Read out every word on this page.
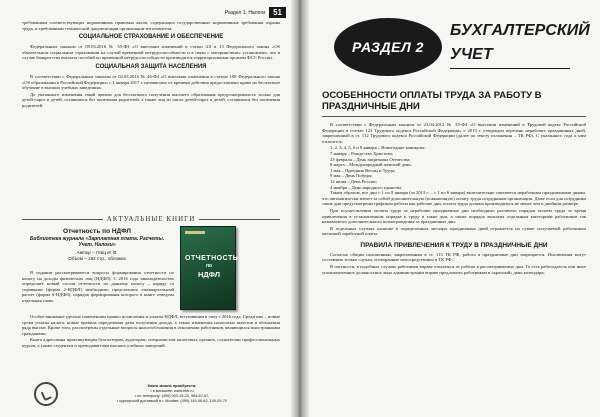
Раздел 1. Налоги	51

требованиям соответствующих нормативных правовых актов, содержащих государственные нормативные требования охраны труда, и требованиям технической документации организации-изготовителя.

СОЦИАЛЬНОЕ СТРАХОВАНИЕ И ОБЕСПЕЧЕНИЕ

Федеральным законом от 09.03.2016 № 55-ФЗ «О внесении изменений в статьи 4.8 и 13 Федерального закона «Об обязательном социальном страховании на случай временной нетрудоспособности и в связи с материнством» установлено, что в случае банкротства выплата пособий по временной нетрудоспособности производится территориальным органом ФСС России.

СОЦИАЛЬНАЯ ЗАЩИТА НАСЕЛЕНИЯ

В соответствии с Федеральным законом от 02.03.2016 № 46-ФЗ «О внесении изменения в статью 108 Федерального закона «Об образовании в Российской Федерации» с 1 января 2017 г. независимо от времени действия предоставлено право на бесплатное обучение в высших учебных заведениях.

До указанного изменения такой правом для бесплатного получения высшего образования предусматривалось только для детей-сирот и детей, оставшихся без попечения родителей, а также лиц из числа детей-сирот и детей, оставшихся без попечения родителей.

АКТУАЛЬНЫЕ КНИГИ
Отчетность по НДФЛ
Библиотека журнала «Зарплатная плата. Расчеты. Учет. Налоги»
Автор – Гейц И. В.
Объем – 192 стр., обложка	ОТЧЕТНОСТЬ
по
НДФЛ

В издании рассматриваются вопросы формирования отчетности по налогу на доходы физических лиц (НДФЛ). С 2016 года законодательство определяет новый состав отчетности по данному налогу – наряду со справками (форма 2-НДФЛ) необходимо представлять ежеквартальный расчет (форма 6-НДФЛ), порядок формирования которого в книге отведена отдельная глава.

Особое внимание уделено изменениям правил исчисления и уплаты НДФЛ, вступившим в силу с 2016 года. Среди них – новые сроки уплаты налога, новые правила определения даты получения дохода, а также изменения налоговых вычетов и обложения ряда выплат. Кроме того, рассмотрены отдельные вопросы налогообложения в отношении работников, являющихся иностранными гражданами.

Книга адресована практикующим бухгалтерам, аудиторам, специалистам налоговых органов, слушателям профессиональных курсов, а также студентам и преподавателям высших учебных заведений.

Книги можно приобрести:
• в магазине: www.ekb.ru
• по телефону: (495) 903-15-20, 964-67-67,
• курьерской доставкой в г. Москве: (499) 149-06-62, 149-09-70
РАЗДЕЛ 2
БУХГАЛТЕРСКИЙ
УЧЕТ
ОСОБЕННОСТИ ОПЛАТЫ ТРУДА ЗА РАБОТУ В ПРАЗДНИЧНЫЕ ДНИ

В соответствии с Федеральным законом от 23.04.2012 № 35-ФЗ «О внесении изменений в Трудовой кодекс Российской Федерации и статью 122 Трудового кодекса Российской Федерации» с 2013 г. утвержден перечень нерабочих праздничных дней, закрепленный в ст. 112 Трудового кодекса Российской Федерации (далее по тексту изложения – ТК РФ). С указанного года к ним относятся:

1, 2, 3, 4, 5, 6 и 8 января – Новогодние каникулы;
7 января – Рождество Христово;
23 февраля – День защитника Отечества;
8 марта – Международный женский день;
1 мая – Праздник Весны и Труда;
9 мая – День Победы;
12 июня – День России;
4 ноября – День народного единства.

Таким образом, все дни с 1 по 8 января (за 2013 г. – с 1 по 6 января) включительно считаются нерабочими праздничными днями, что автоматически влечет за собой дополнительную (повышенную) оплату труда сотрудников организации. Даже если для сотрудника такие дни предусмотрены графиком работы как рабочие дни, оплата труда должна производиться не менее чем в двойном размере.

При осуществлении оплаты труда за нерабочие праздничные дни необходимо различать порядок оплаты труда за время привлечения в установленном порядке к труду в такие дни, а также порядок выплаты отдельным категориям работников так называемого дополнительного вознаграждения за праздничные дни.

В отдельных случаях наличие в определенных месяцах праздничных дней отражается на сумме получаемой работником месячной заработной платы.

ПРАВИЛА ПРИВЛЕЧЕНИЯ К ТРУДУ В ПРАЗДНИЧНЫЕ ДНИ

Согласно общим положениям, закрепленным в ст. 113 ТК РФ, работа в праздничные дни запрещается. Исключения могут составлять только случаи, оговоренные непосредственно в ТК РФ.

В частности, в подобных случаях работники вправе отказаться от работы в рассматриваемые дни. То есть работодатель или иное уполномоченное должностное лицо администрации вправе предложить работникам в «красный» день календаря,
